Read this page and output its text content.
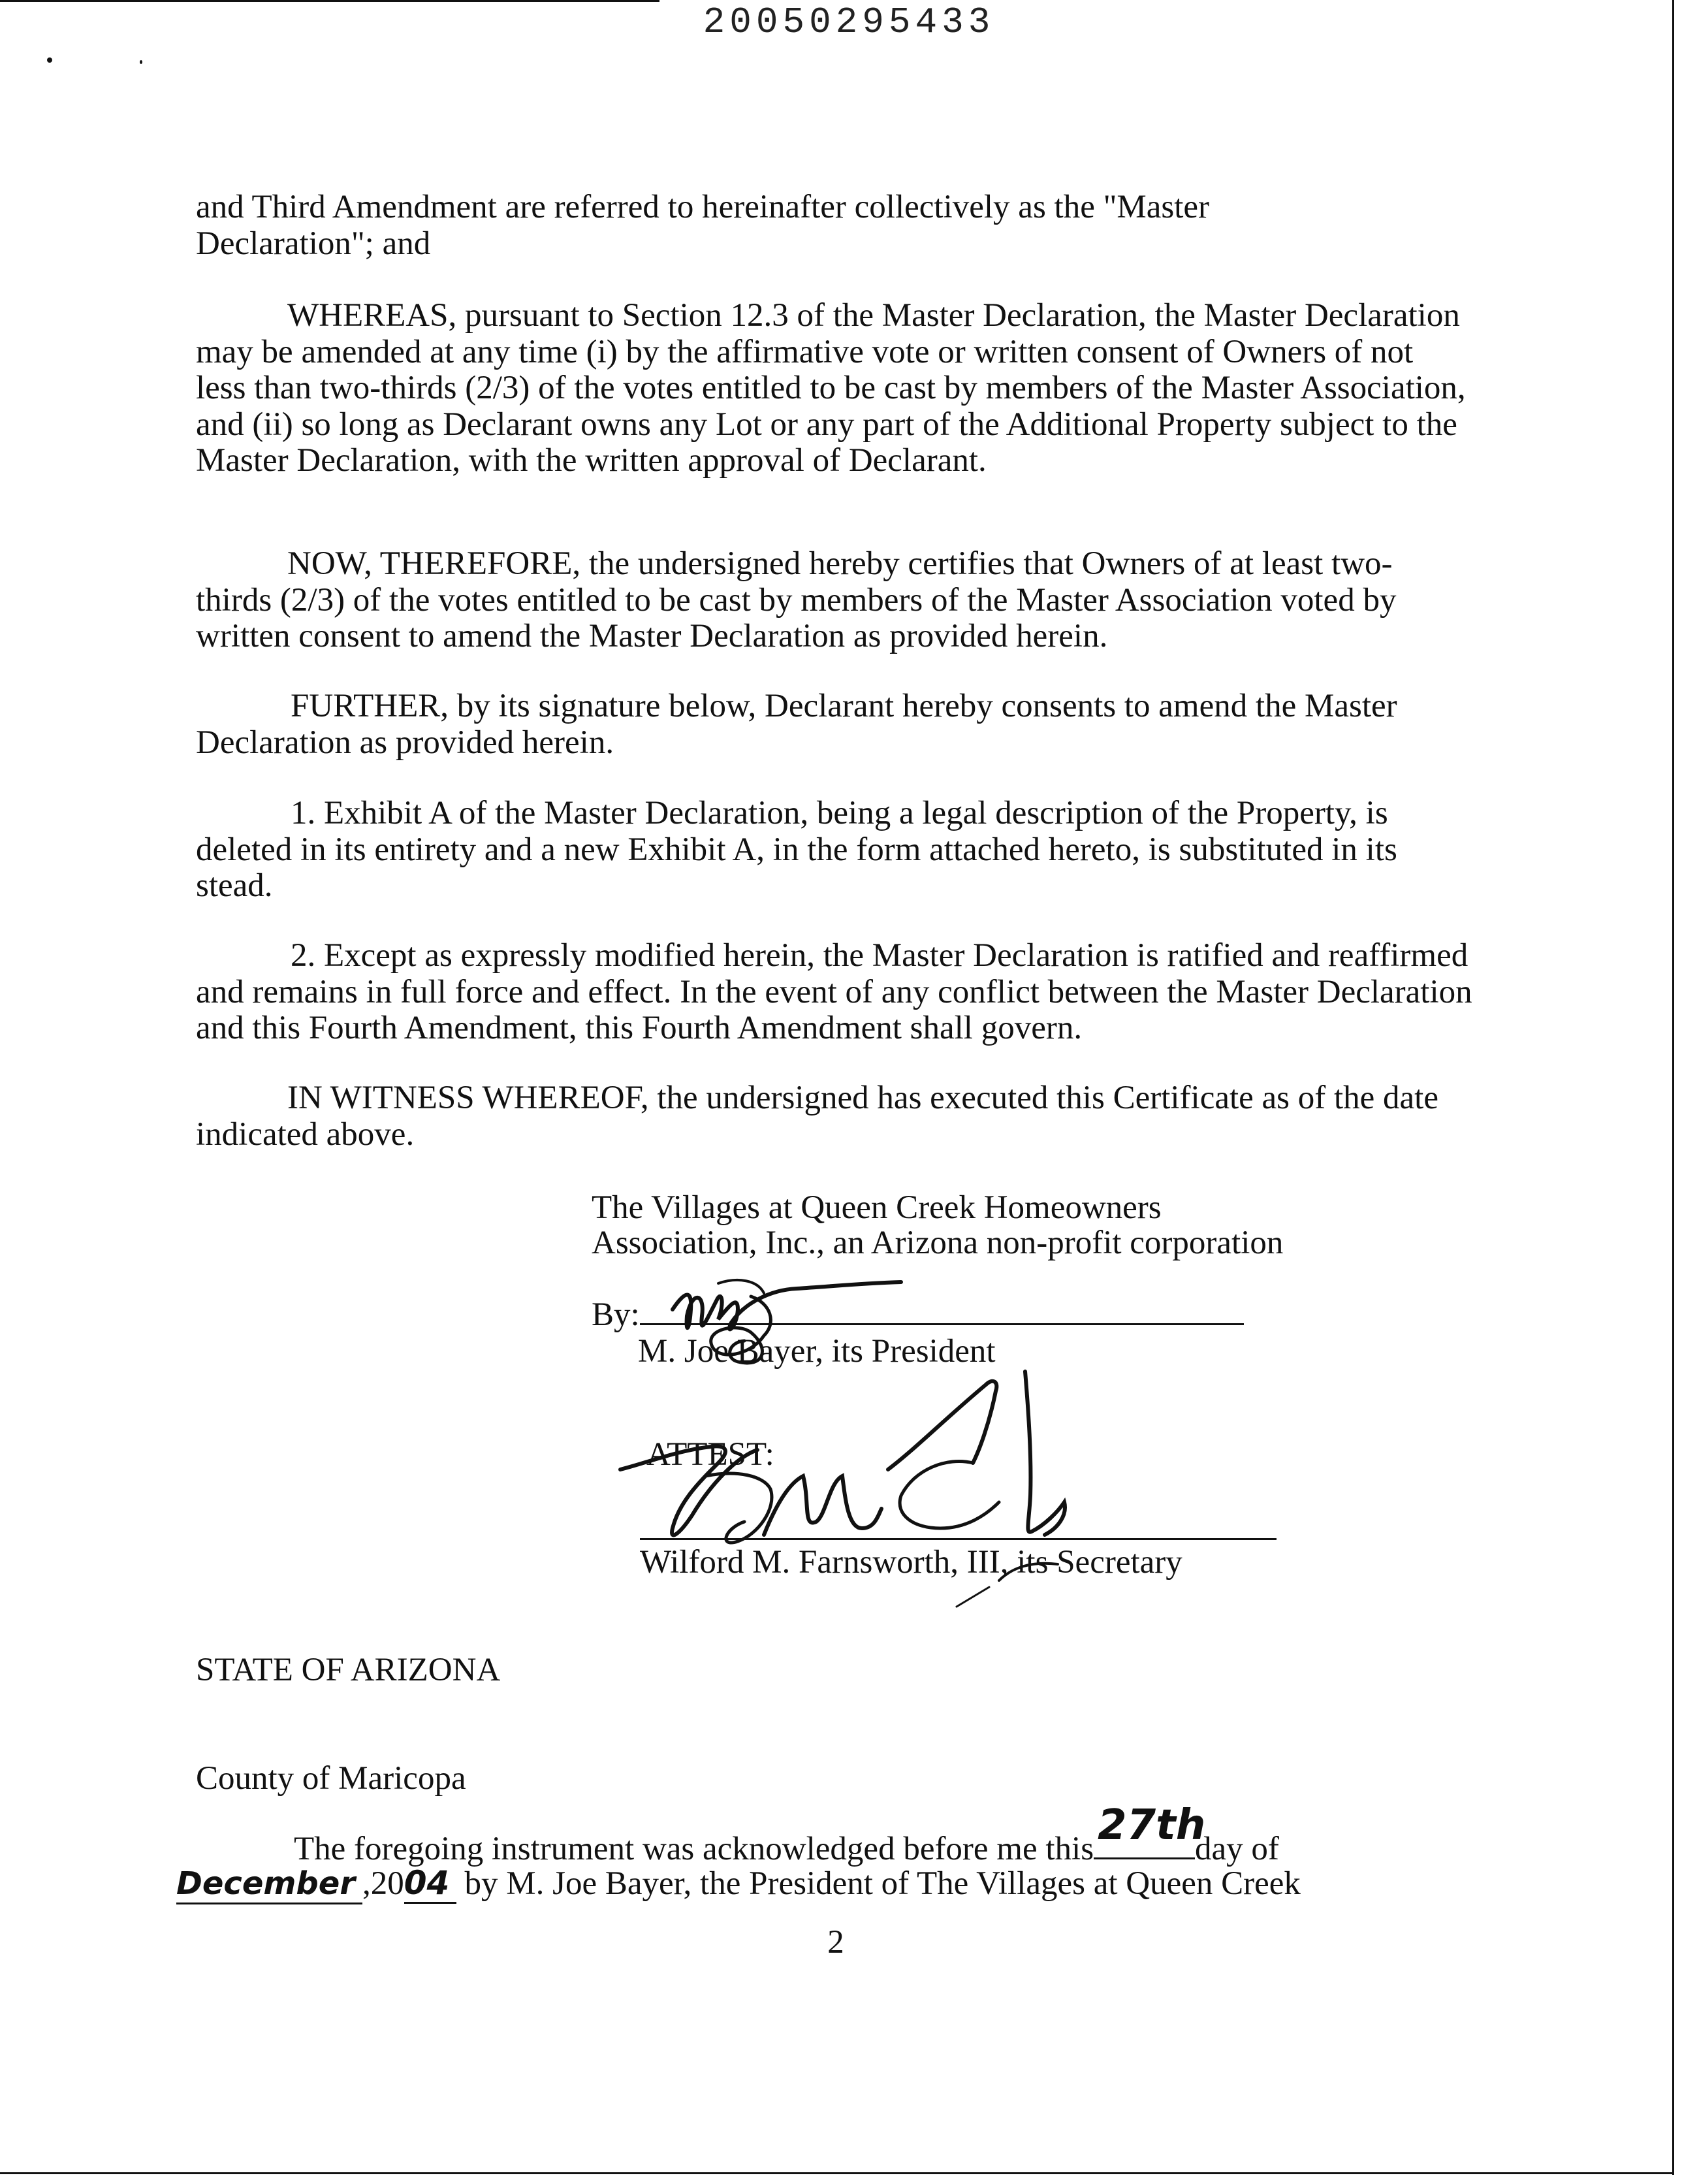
20050295433

and Third Amendment are referred to hereinafter collectively as the "Master Declaration"; and

WHEREAS, pursuant to Section 12.3 of the Master Declaration, the Master Declaration may be amended at any time (i) by the affirmative vote or written consent of Owners of not less than two-thirds (2/3) of the votes entitled to be cast by members of the Master Association, and (ii) so long as Declarant owns any Lot or any part of the Additional Property subject to the Master Declaration, with the written approval of Declarant.

NOW, THEREFORE, the undersigned hereby certifies that Owners of at least two-thirds (2/3) of the votes entitled to be cast by members of the Master Association voted by written consent to amend the Master Declaration as provided herein.

FURTHER, by its signature below, Declarant hereby consents to amend the Master Declaration as provided herein.

1. Exhibit A of the Master Declaration, being a legal description of the Property, is deleted in its entirety and a new Exhibit A, in the form attached hereto, is substituted in its stead.

2. Except as expressly modified herein, the Master Declaration is ratified and reaffirmed and remains in full force and effect. In the event of any conflict between the Master Declaration and this Fourth Amendment, this Fourth Amendment shall govern.

IN WITNESS WHEREOF, the undersigned has executed this Certificate as of the date indicated above.

The Villages at Queen Creek Homeowners
Association, Inc., an Arizona non-profit corporation
By:
M. Joe Bayer, its President
ATTEST:
Wilford M. Farnsworth, III, its Secretary
STATE OF ARIZONA
County of Maricopa
The foregoing instrument was acknowledged before me this 27th
day of
December ,2004 by M. Joe Bayer, the President of The Villages at Queen Creek
2
